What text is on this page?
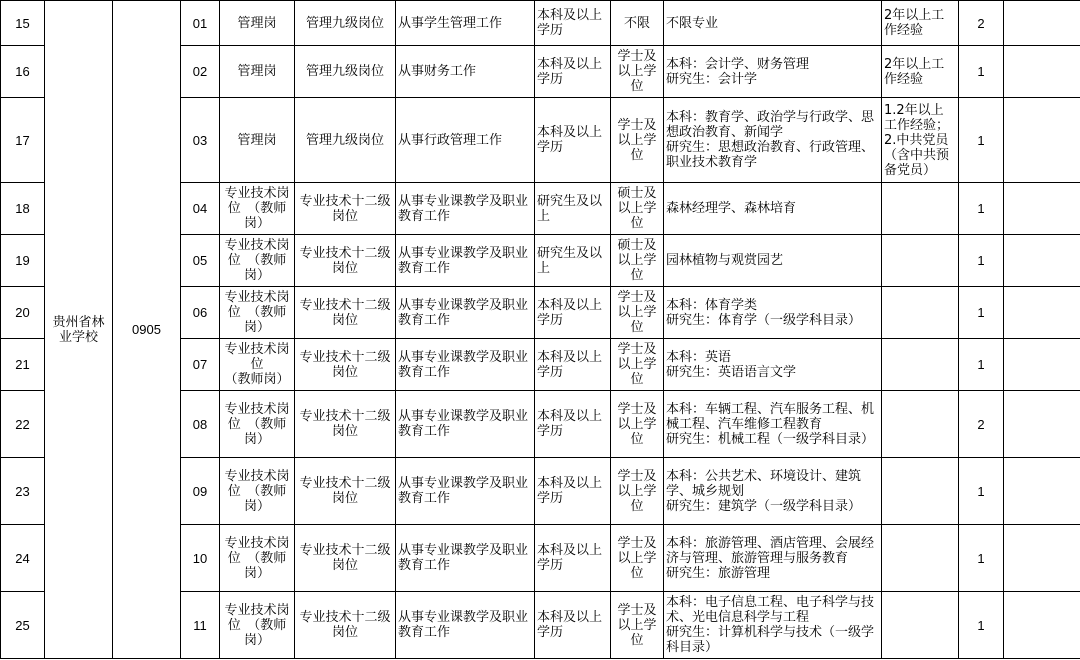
15	贵州省林业学校	0905	01	管理岗	管理九级岗位	从事学生管理工作	本科及以上学历	不限	不限专业	2年以上工作经验	2	
16			02	管理岗	管理九级岗位	从事财务工作	本科及以上学历	学士及以上学位	本科：会计学、财务管理
研究生：会计学	2年以上工作经验	1	
17			03	管理岗	管理九级岗位	从事行政管理工作	本科及以上学历	学士及以上学位	本科：教育学、政治学与行政学、思想政治教育、新闻学
研究生：思想政治教育、行政管理、职业技术教育学	1.2年以上工作经验；
2.中共党员（含中共预备党员）	1	
18			04	专业技术岗位　（教师岗）	专业技术十二级岗位	从事专业课教学及职业教育工作	研究生及以上	硕士及以上学位	森林经理学、森林培育		1	
19			05	专业技术岗位　（教师岗）	专业技术十二级岗位	从事专业课教学及职业教育工作	研究生及以上	硕士及以上学位	园林植物与观赏园艺		1	
20			06	专业技术岗位　（教师岗）	专业技术十二级岗位	从事专业课教学及职业教育工作	本科及以上学历	学士及以上学位	本科：体育学类
研究生：体育学（一级学科目录）		1	
21			07	专业技术岗位
（教师岗）	专业技术十二级岗位	从事专业课教学及职业教育工作	本科及以上学历	学士及以上学位	本科：英语
研究生：英语语言文学		1	
22			08	专业技术岗位　（教师岗）	专业技术十二级岗位	从事专业课教学及职业教育工作	本科及以上学历	学士及以上学位	本科：车辆工程、汽车服务工程、机械工程、汽车维修工程教育
研究生：机械工程（一级学科目录）		2	
23			09	专业技术岗位　（教师岗）	专业技术十二级岗位	从事专业课教学及职业教育工作	本科及以上学历	学士及以上学位	本科：公共艺术、环境设计、建筑学、城乡规划
研究生：建筑学（一级学科目录）		1	
24			10	专业技术岗位　（教师岗）	专业技术十二级岗位	从事专业课教学及职业教育工作	本科及以上学历	学士及以上学位	本科：旅游管理、酒店管理、会展经济与管理、旅游管理与服务教育
研究生：旅游管理		1	
25			11	专业技术岗位　（教师岗）	专业技术十二级岗位	从事专业课教学及职业教育工作	本科及以上学历	学士及以上学位	本科：电子信息工程、电子科学与技术、光电信息科学与工程
研究生：计算机科学与技术（一级学科目录）		1	
